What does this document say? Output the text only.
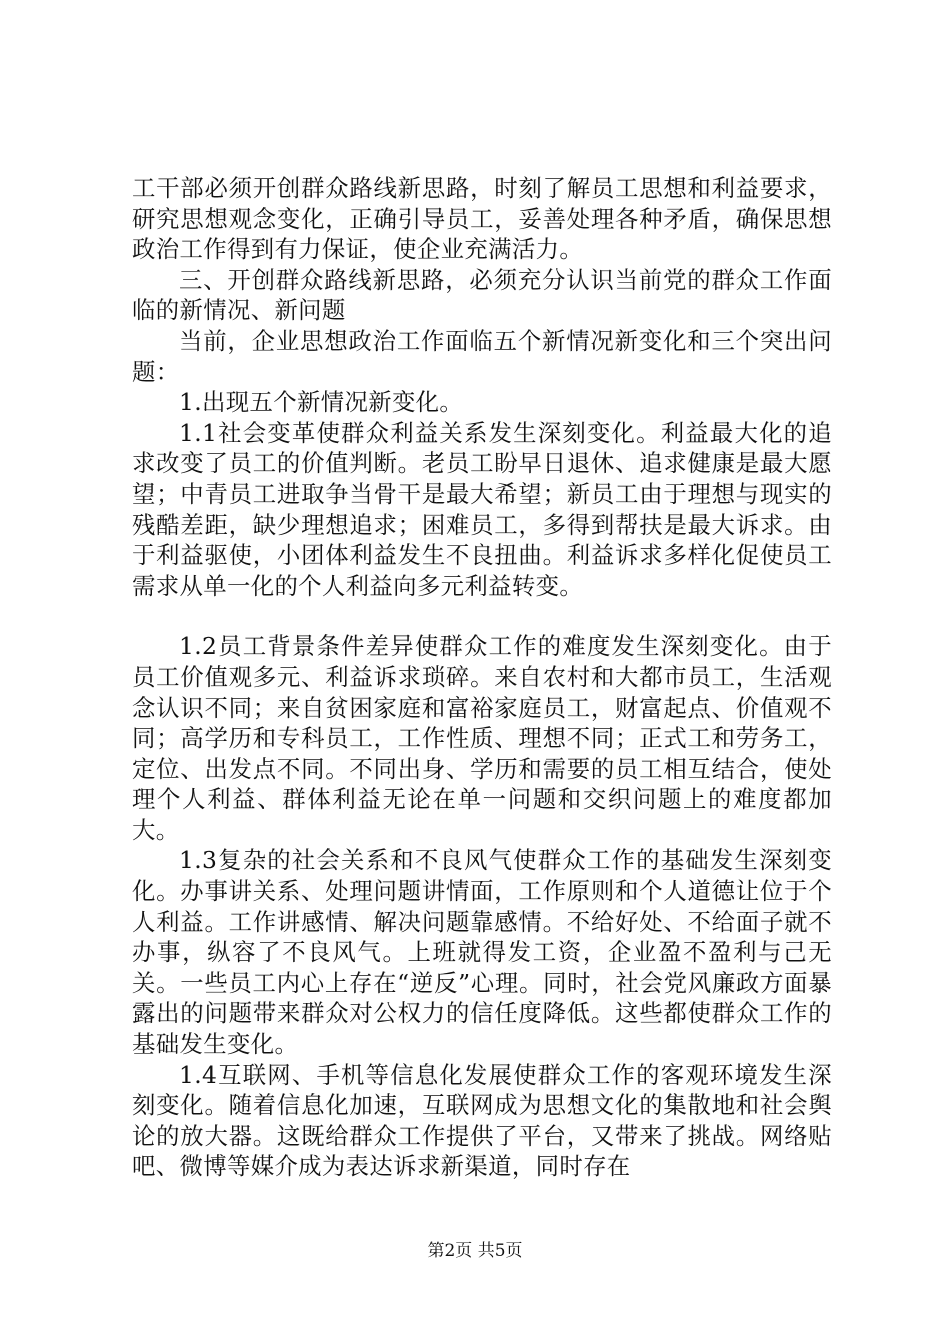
工干部必须开创群众路线新思路，时刻了解员工思想和利益要求，研究思想观念变化，正确引导员工，妥善处理各种矛盾，确保思想政治工作得到有力保证，使企业充满活力。

三、开创群众路线新思路，必须充分认识当前党的群众工作面临的新情况、新问题

当前，企业思想政治工作面临五个新情况新变化和三个突出问题：

1.出现五个新情况新变化。

1.1社会变革使群众利益关系发生深刻变化。利益最大化的追求改变了员工的价值判断。老员工盼早日退休、追求健康是最大愿望；中青员工进取争当骨干是最大希望；新员工由于理想与现实的残酷差距，缺少理想追求；困难员工，多得到帮扶是最大诉求。由于利益驱使，小团体利益发生不良扭曲。利益诉求多样化促使员工需求从单一化的个人利益向多元利益转变。

1.2员工背景条件差异使群众工作的难度发生深刻变化。由于员工价值观多元、利益诉求琐碎。来自农村和大都市员工，生活观念认识不同；来自贫困家庭和富裕家庭员工，财富起点、价值观不同；高学历和专科员工，工作性质、理想不同；正式工和劳务工，定位、出发点不同。不同出身、学历和需要的员工相互结合，使处理个人利益、群体利益无论在单一问题和交织问题上的难度都加大。

1.3复杂的社会关系和不良风气使群众工作的基础发生深刻变化。办事讲关系、处理问题讲情面，工作原则和个人道德让位于个人利益。工作讲感情、解决问题靠感情。不给好处、不给面子就不办事，纵容了不良风气。上班就得发工资，企业盈不盈利与己无关。一些员工内心上存在“逆反”心理。同时，社会党风廉政方面暴露出的问题带来群众对公权力的信任度降低。这些都使群众工作的基础发生变化。

1.4互联网、手机等信息化发展使群众工作的客观环境发生深刻变化。随着信息化加速，互联网成为思想文化的集散地和社会舆论的放大器。这既给群众工作提供了平台，又带来了挑战。网络贴吧、微博等媒介成为表达诉求新渠道，同时存在

第2页 共5页
